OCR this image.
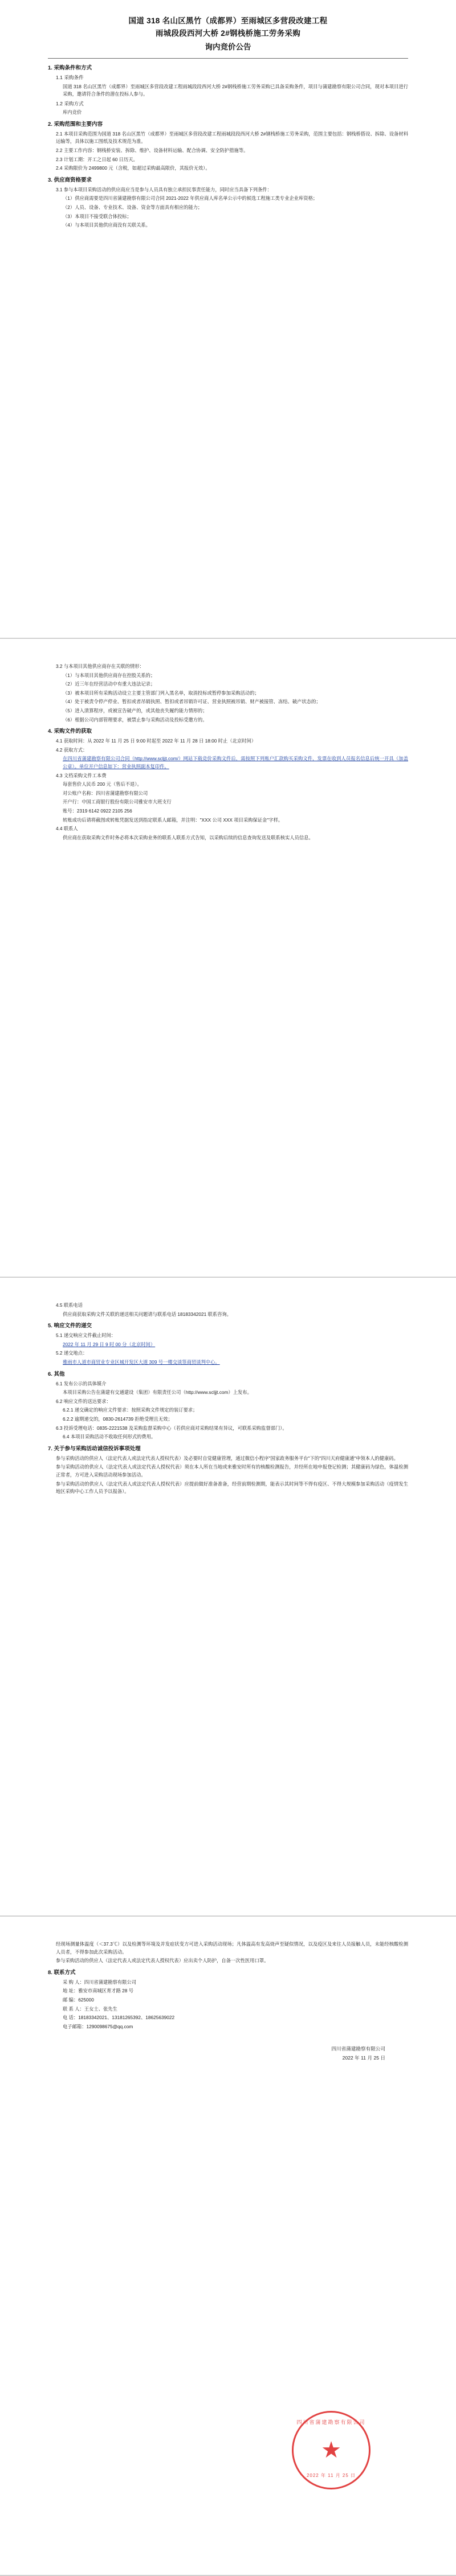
国道 318 名山区黑竹（成都界）至雨城区多营段改建工程
雨城段段西河大桥 2#钢栈桥施工劳务采购
询内竞价公告
1. 采购条件和方式
1.1 采购条件
国道 318 名山区黑竹（成都界）至雨城区多营段改建工程雨城段段西河大桥 2#钢栈桥施工劳务采购已具备采购条件，项目与蒲建勘察有限公司合同，现对本项目进行采购，邀请符合条件的潜在投标人参与。
1.2 采购方式
库内竞价
2. 采购范围和主要内容
2.1 本项目采购范围为国道 318 名山区黑竹（成都界）至雨城区多营段改建工程雨城段段西河大桥 2#钢栈桥施工劳务采购，范围主要包括：钢栈桥搭设、拆除、设备材料运输等，具体以施工图纸及技术规范为准。
2.2 主要工作内容：钢栈桥安装、拆除、维护、设备材料运输、配合协调、安全防护措施等。
2.3 计划工期：开工之日起 60 日历天。
2.4 采购限价为 2499800 元（含税，如超过采购最高限价，其报价无效）。
3. 供应商资格要求
3.1 参与本项目采购活动的供应商应当是参与人员具有独立承担民事责任能力，同时应当具备下列条件：
（1）供应商需要是四川省蒲建勘察有限公司合同 2021-2022 年供应商人库名单公示中的候选工程施工类专业企业库资格；
（2）人员、设备、专业技术、设备、资金等方面具有相应的能力；
（3）本项目不接受联合体投标；
（4）与本项目其他供应商没有关联关系。
3.2 与本项目其他供应商存在关联的情形：
（1）与本项目其他供应商存在控股关系的；
（2）近三年在经营活动中有重大违法记录；
（3）被本项目所有采购活动设立主要主管部门列入黑名单，取消投标或暂停参加采购活动的；
（4）处于被责令停产停业、暂扣或者吊销执照、暂扣或者吊销许可证、营业执照被吊销、财产被接管、冻结、破产状态的；
（5）进入清算程序，或被宣告破产的，或其他丧失履约能力情形的；
（6）根据公司内部管理要求，被禁止参与采购活动及投标受邀方的。
4. 采购文件的获取
4.1 获取时间：从 2022 年 11 月 25 日 9:00 时起至 2022 年 11 月 28 日 18:00 时止（北京时间）
4.2 获取方式：
在四川省蒲建勘察有限公司合同（http://www.scljjt.com/）网站下载竞价采购文件后，需按照下列账户汇款购买采购文件，发票在收到人员报名信息后统一开具（加盖公章）。单位开户信息如下：营业执照副本复印件。
4.3 文档采购文件工本费
每套售价人民币 200 元（售后不退）。
对公账户名称：四川省蒲建勘察有限公司
开户行：中国工商银行股份有限公司雅安市大班支行
账号：2319 6142 0922 2105 256
转账成功后请将截图或转账凭据发送到指定联系人邮箱，并注明："XXX 公司 XXX 项目采购保证金"字样。
4.4 联系人
供应商在获取采购文件时务必将本次采购业务的联系人联系方式告知，以采购后续的信息查询发送及联系核实人员信息。
4.5 联系电话
供应商获取采购文件关联的递送相关问题请与联系电话 18183342021 联系咨询。
5. 响应文件的递交
5.1 递交响应文件截止时间：
2022 年 11 月 29 日 9 时 00 分（北京时间）
5.2 递交地点：
雅雨市人道市商贸业专业区城开发区大道 309 号一楼交谈签商贸谈判中心。
6. 其他
6.1 发布公示的具体媒介
本项目采购公告在蒲建有交通建设（集团）有限责任公司（http://www.scljjt.com）上发布。
6.2 响应文件的送达要求：
6.2.1 递交确定的响应文件要求：按照采购文件规定的装订要求；
6.2.2 逾期递交的，0830-2614739 拒绝受理且无效；
6.3 投诉受理电话：0835-2221538 及采购监督采购中心（若供应商对采购结果有异议，可联系采购监督部门）。
6.4 本项目采购活动不收取任何形式的费用。
7. 关于参与采购活动诚信投诉事项处理
参与采购活动的供应人（法定代表人或法定代表人授权代表）及必要时自觉健康管理，通过微信小程序"国家政务服务平台"下的"四川天府健康通"申领本人的健康码。
参与采购活动的供应人（法定代表人或法定代表人授权代表）须在本人所在当地或来雅安时所有的核酸检测报告，并经所在地申报登记检测；其健康码为绿色，体温检测正常者，方可进入采购活动现场参加活动。
参与采购活动的供应人（法定代表人或法定代表人授权代表）应提前做好准备准备，经营前期检测期，能表示其时间等不得有疫区、不得大规模参加采购活动（疫情发生地区采购中心工作人员予以报备）。
经现场测量体温度（＜37.3℃）以及检测等环境及并发症状变方可进入采购活动现场；凡体温高有发高烧声至疑似情况，以及疫区及来往人员接触人员，未能经核酸检测人员者，不得参加此次采购活动。
参与采购活动的供应人（法定代表人或法定代表人授权代表）应出卖个人防护，自备一次性医用口罩。
8. 联系方式
采 购 人：四川省蒲建勘察有限公司
地 址：雅安市南城区育才路 28 号
邮 编：625000
联 系 人：王女士、张先生
电 话：18183342021、13181265392、18625639022
电子邮箱：1290098675@qq.com
四川省蒲建勘察有限公司
2022 年 11 月 25 日
四川省蒲建勘察有限公司
★
2022 年 11 月 25 日
